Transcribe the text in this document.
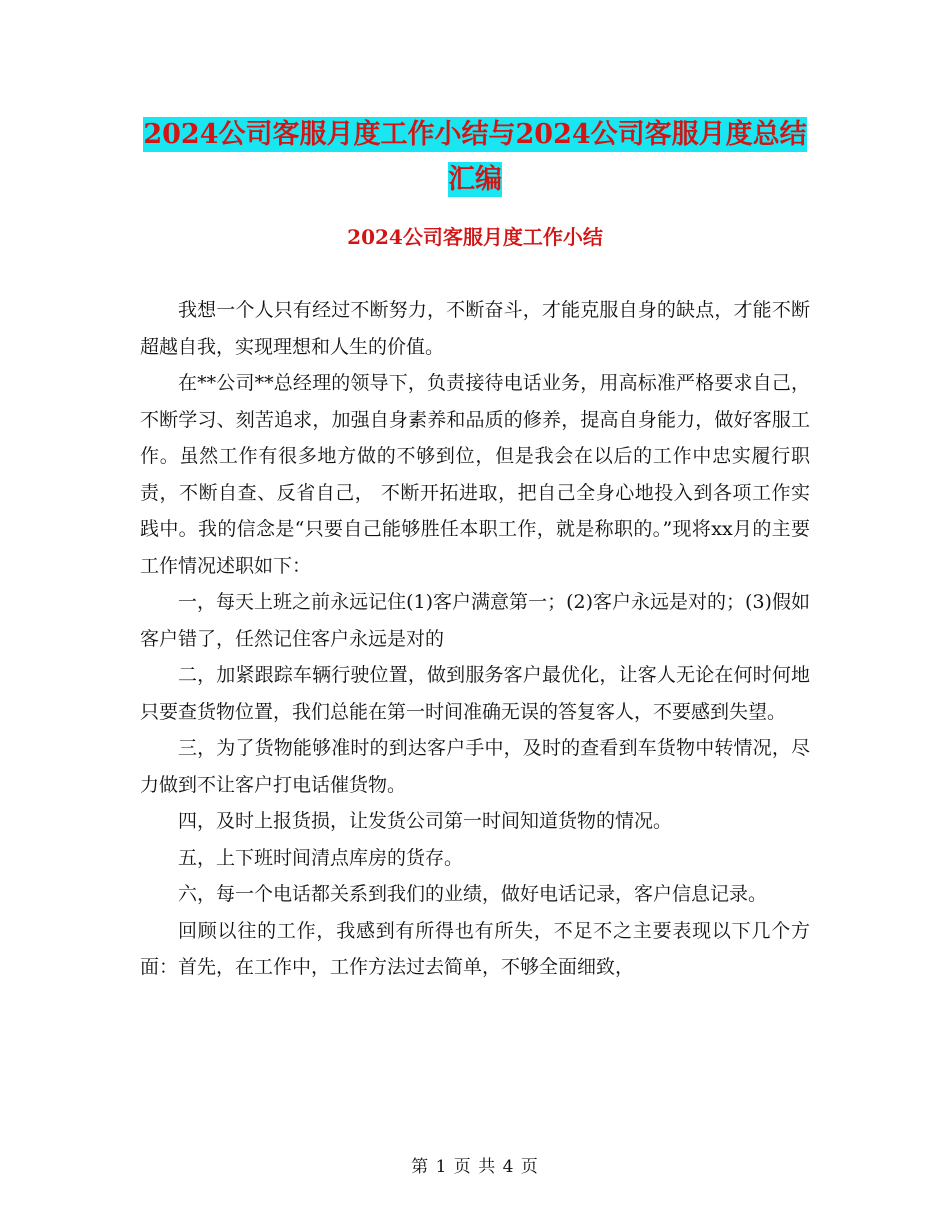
2024公司客服月度工作小结与2024公司客服月度总结汇编
2024公司客服月度工作小结

我想一个人只有经过不断努力，不断奋斗，才能克服自身的缺点，才能不断超越自我，实现理想和人生的价值。

在**公司**总经理的领导下，负责接待电话业务，用高标准严格要求自己，不断学习、刻苦追求，加强自身素养和品质的修养，提高自身能力，做好客服工作。虽然工作有很多地方做的不够到位，但是我会在以后的工作中忠实履行职责，不断自查、反省自己， 不断开拓进取，把自己全身心地投入到各项工作实践中。我的信念是“只要自己能够胜任本职工作，就是称职的。”现将xx月的主要工作情况述职如下：

一，每天上班之前永远记住(1)客户满意第一；(2)客户永远是对的；(3)假如客户错了，任然记住客户永远是对的

二，加紧跟踪车辆行驶位置，做到服务客户最优化，让客人无论在何时何地只要查货物位置，我们总能在第一时间准确无误的答复客人，不要感到失望。

三，为了货物能够准时的到达客户手中，及时的查看到车货物中转情况，尽力做到不让客户打电话催货物。

四，及时上报货损，让发货公司第一时间知道货物的情况。

五，上下班时间清点库房的货存。

六，每一个电话都关系到我们的业绩，做好电话记录，客户信息记录。

回顾以往的工作，我感到有所得也有所失，不足不之主要表现以下几个方面：首先，在工作中，工作方法过去简单，不够全面细致，

第 1 页 共 4 页
